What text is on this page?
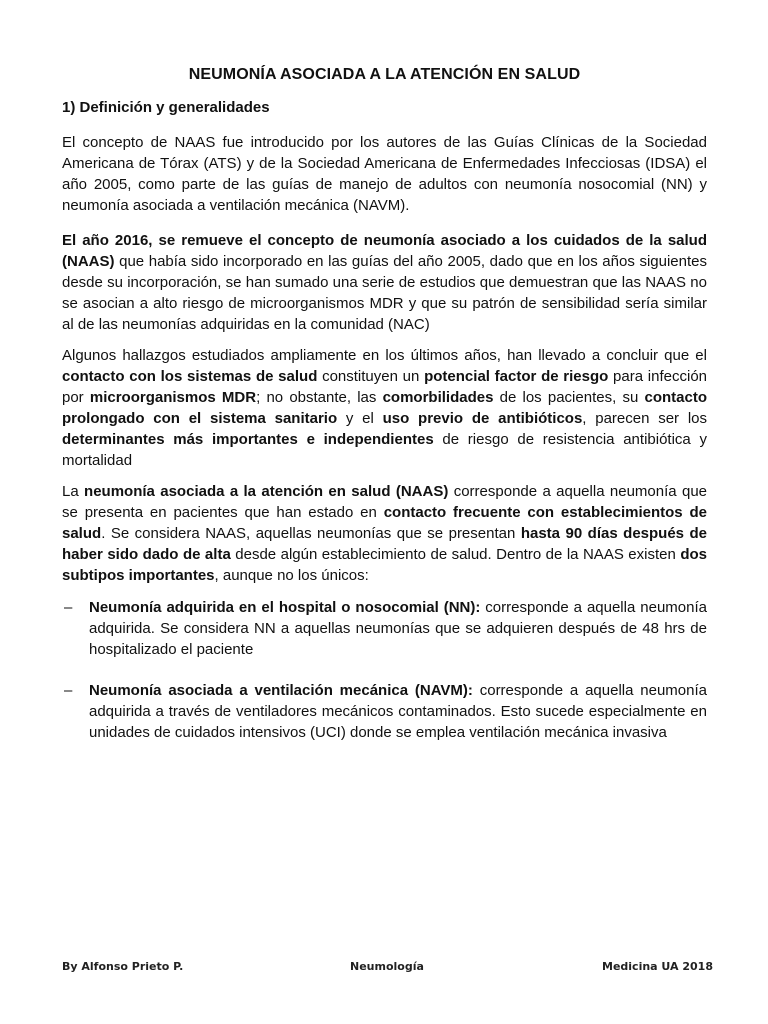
NEUMONÍA ASOCIADA A LA ATENCIÓN EN SALUD
1) Definición y generalidades

El concepto de NAAS fue introducido por los autores de las Guías Clínicas de la Sociedad Americana de Tórax (ATS) y de la Sociedad Americana de Enfermedades Infecciosas (IDSA) el año 2005, como parte de las guías de manejo de adultos con neumonía nosocomial (NN) y neumonía asociada a ventilación mecánica (NAVM).

El año 2016, se remueve el concepto de neumonía asociado a los cuidados de la salud (NAAS) que había sido incorporado en las guías del año 2005, dado que en los años siguientes desde su incorporación, se han sumado una serie de estudios que demuestran que las NAAS no se asocian a alto riesgo de microorganismos MDR y que su patrón de sensibilidad sería similar al de las neumonías adquiridas en la comunidad (NAC)

Algunos hallazgos estudiados ampliamente en los últimos años, han llevado a concluir que el contacto con los sistemas de salud constituyen un potencial factor de riesgo para infección por microorganismos MDR; no obstante, las comorbilidades de los pacientes, su contacto prolongado con el sistema sanitario y el uso previo de antibióticos, parecen ser los determinantes más importantes e independientes de riesgo de resistencia antibiótica y mortalidad

La neumonía asociada a la atención en salud (NAAS) corresponde a aquella neumonía que se presenta en pacientes que han estado en contacto frecuente con establecimientos de salud. Se considera NAAS, aquellas neumonías que se presentan hasta 90 días después de haber sido dado de alta desde algún establecimiento de salud. Dentro de la NAAS existen dos subtipos importantes, aunque no los únicos:

– Neumonía adquirida en el hospital o nosocomial (NN): corresponde a aquella neumonía adquirida. Se considera NN a aquellas neumonías que se adquieren después de 48 hrs de hospitalizado el paciente
– Neumonía asociada a ventilación mecánica (NAVM): corresponde a aquella neumonía adquirida a través de ventiladores mecánicos contaminados. Esto sucede especialmente en unidades de cuidados intensivos (UCI) donde se emplea ventilación mecánica invasiva
By Alfonso Prieto P.	Neumología	Medicina UA 2018
